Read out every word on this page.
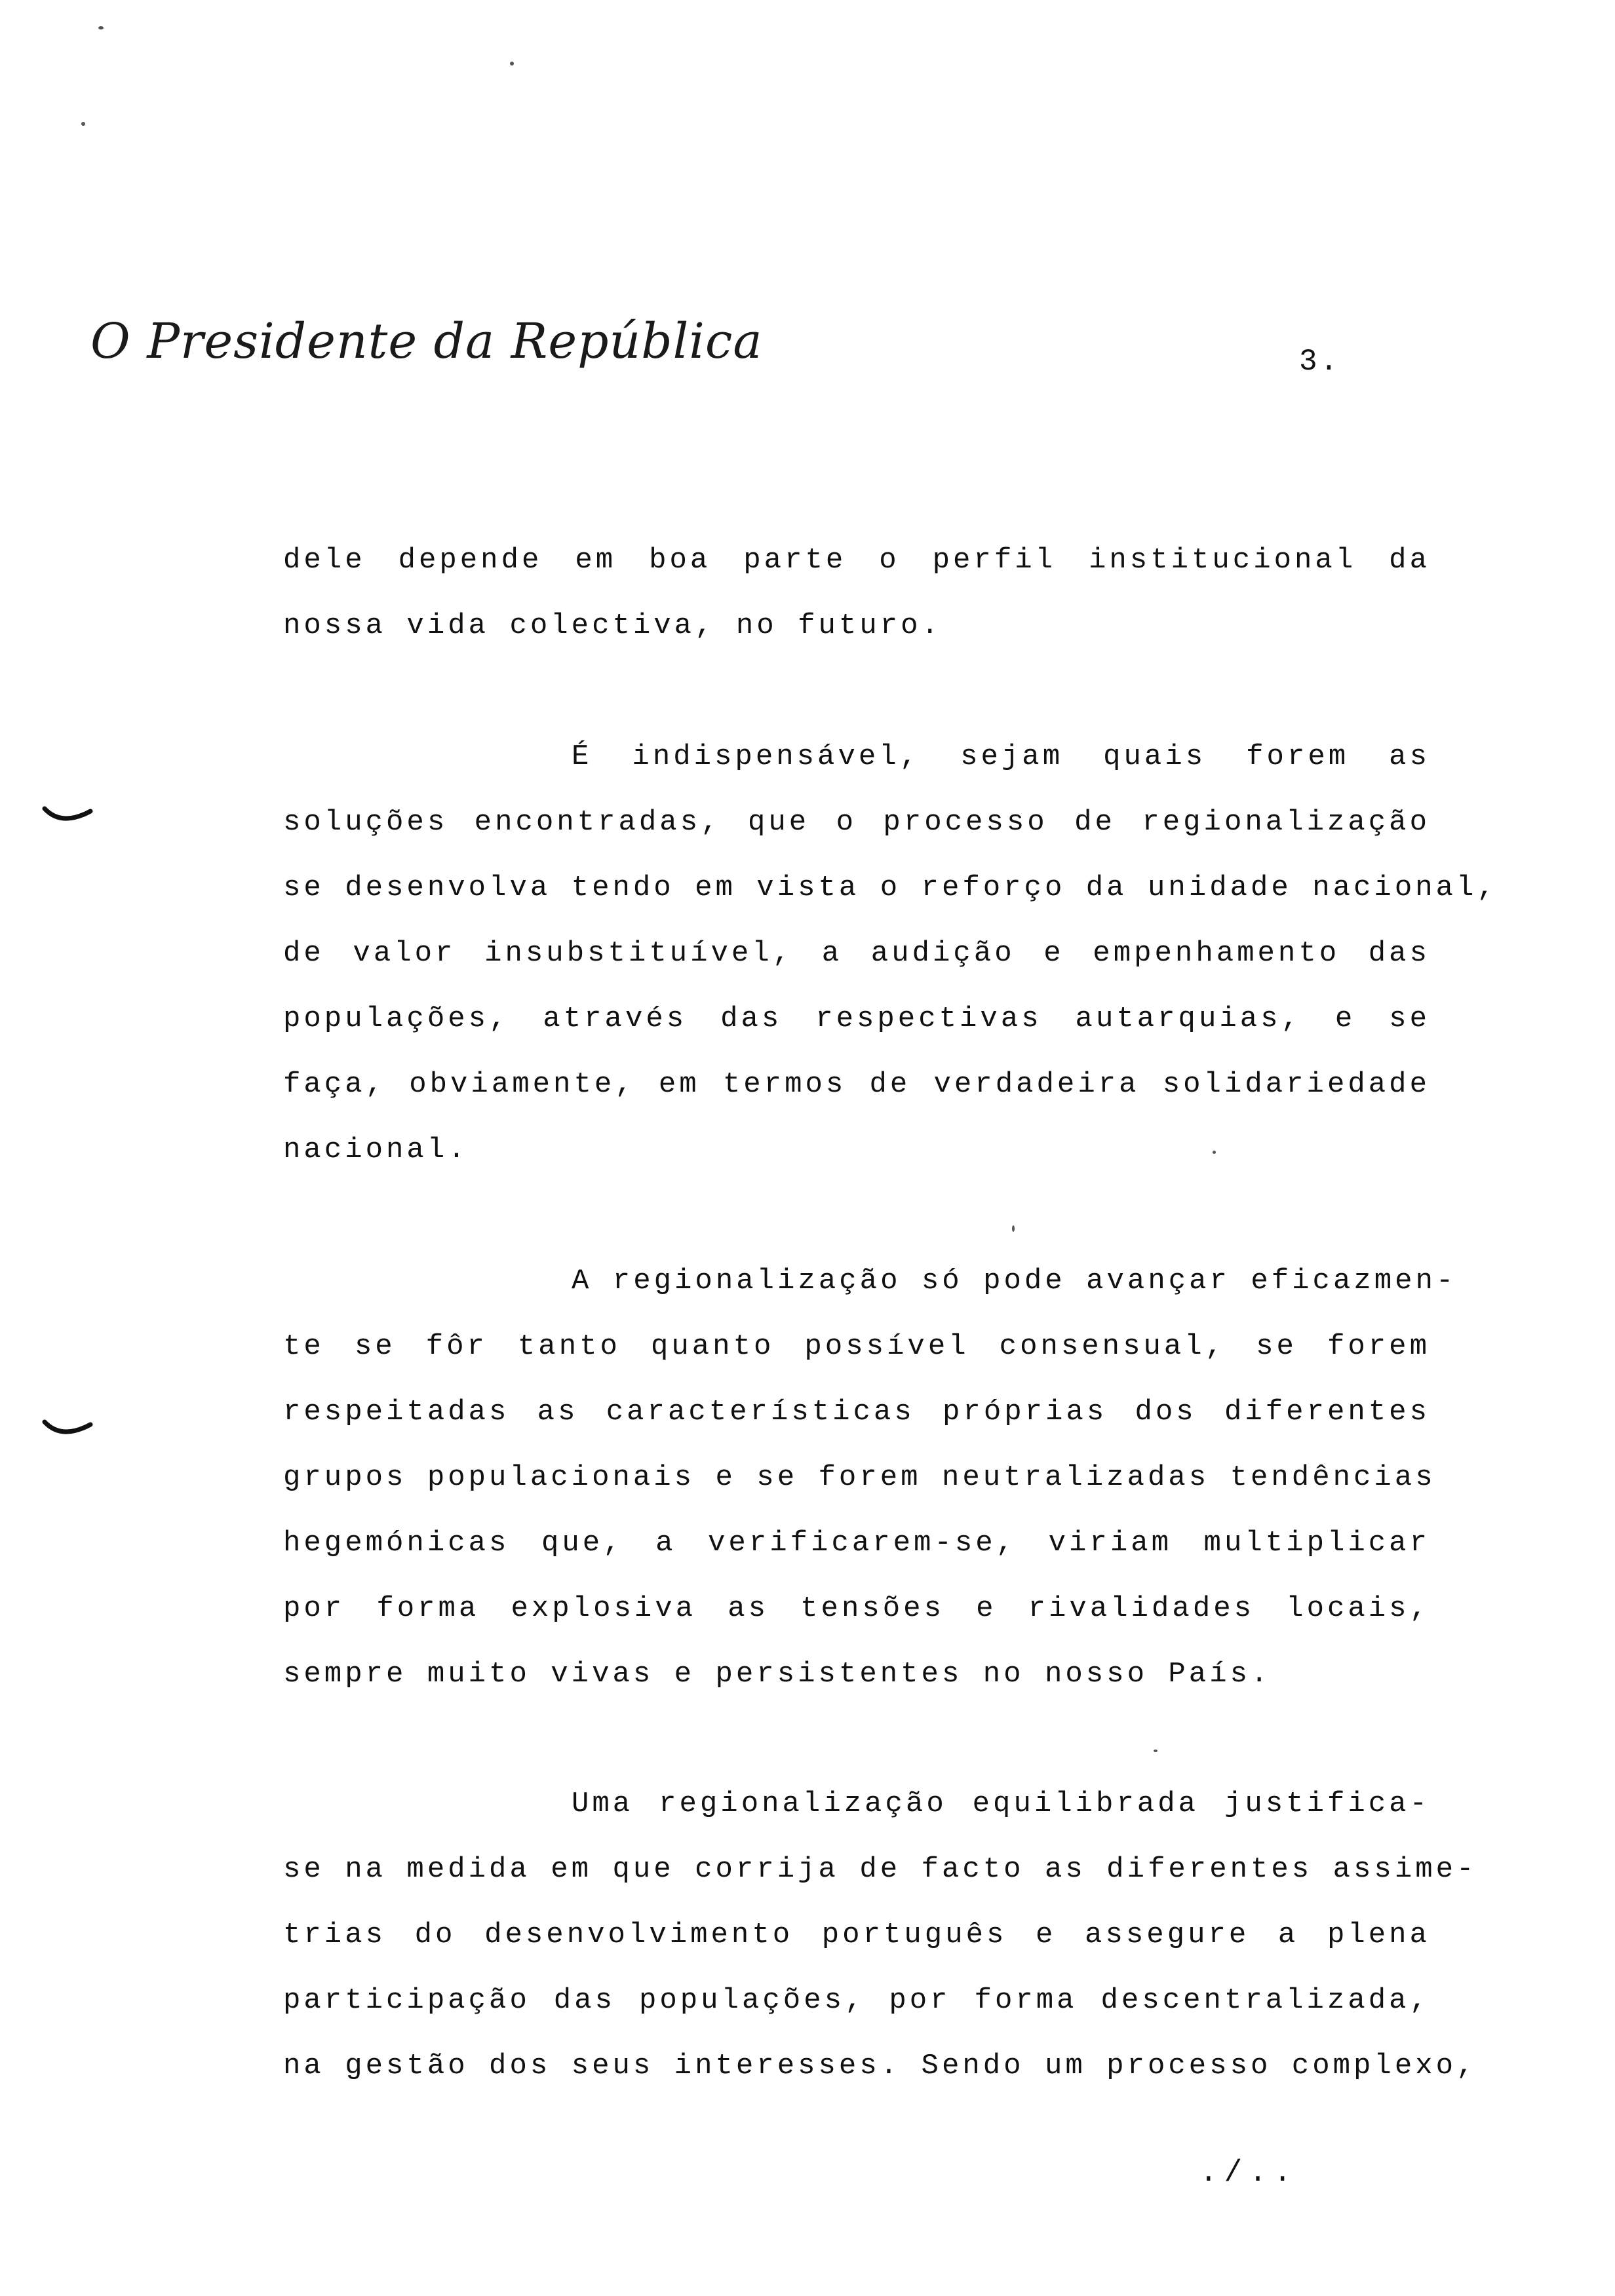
O Presidente da República	3.
dele depende em boa parte o perfil institucional da
nossa vida colectiva, no futuro.
É indispensável, sejam quais forem as
soluções encontradas, que o processo de regionalização
se desenvolva tendo em vista o reforço da unidade nacional,
de valor insubstituível, a audição e empenhamento das
populações, através das respectivas autarquias, e se
faça, obviamente, em termos de verdadeira solidariedade
nacional.
A regionalização só pode avançar eficazmen-
te se fôr tanto quanto possível consensual, se forem
respeitadas as características próprias dos diferentes
grupos populacionais e se forem neutralizadas tendências
hegemónicas que, a verificarem-se, viriam multiplicar
por forma explosiva as tensões e rivalidades locais,
sempre muito vivas e persistentes no nosso País.
Uma regionalização equilibrada justifica-
se na medida em que corrija de facto as diferentes assime-
trias do desenvolvimento português e assegure a plena
participação das populações, por forma descentralizada,
na gestão dos seus interesses. Sendo um processo complexo,
./..
